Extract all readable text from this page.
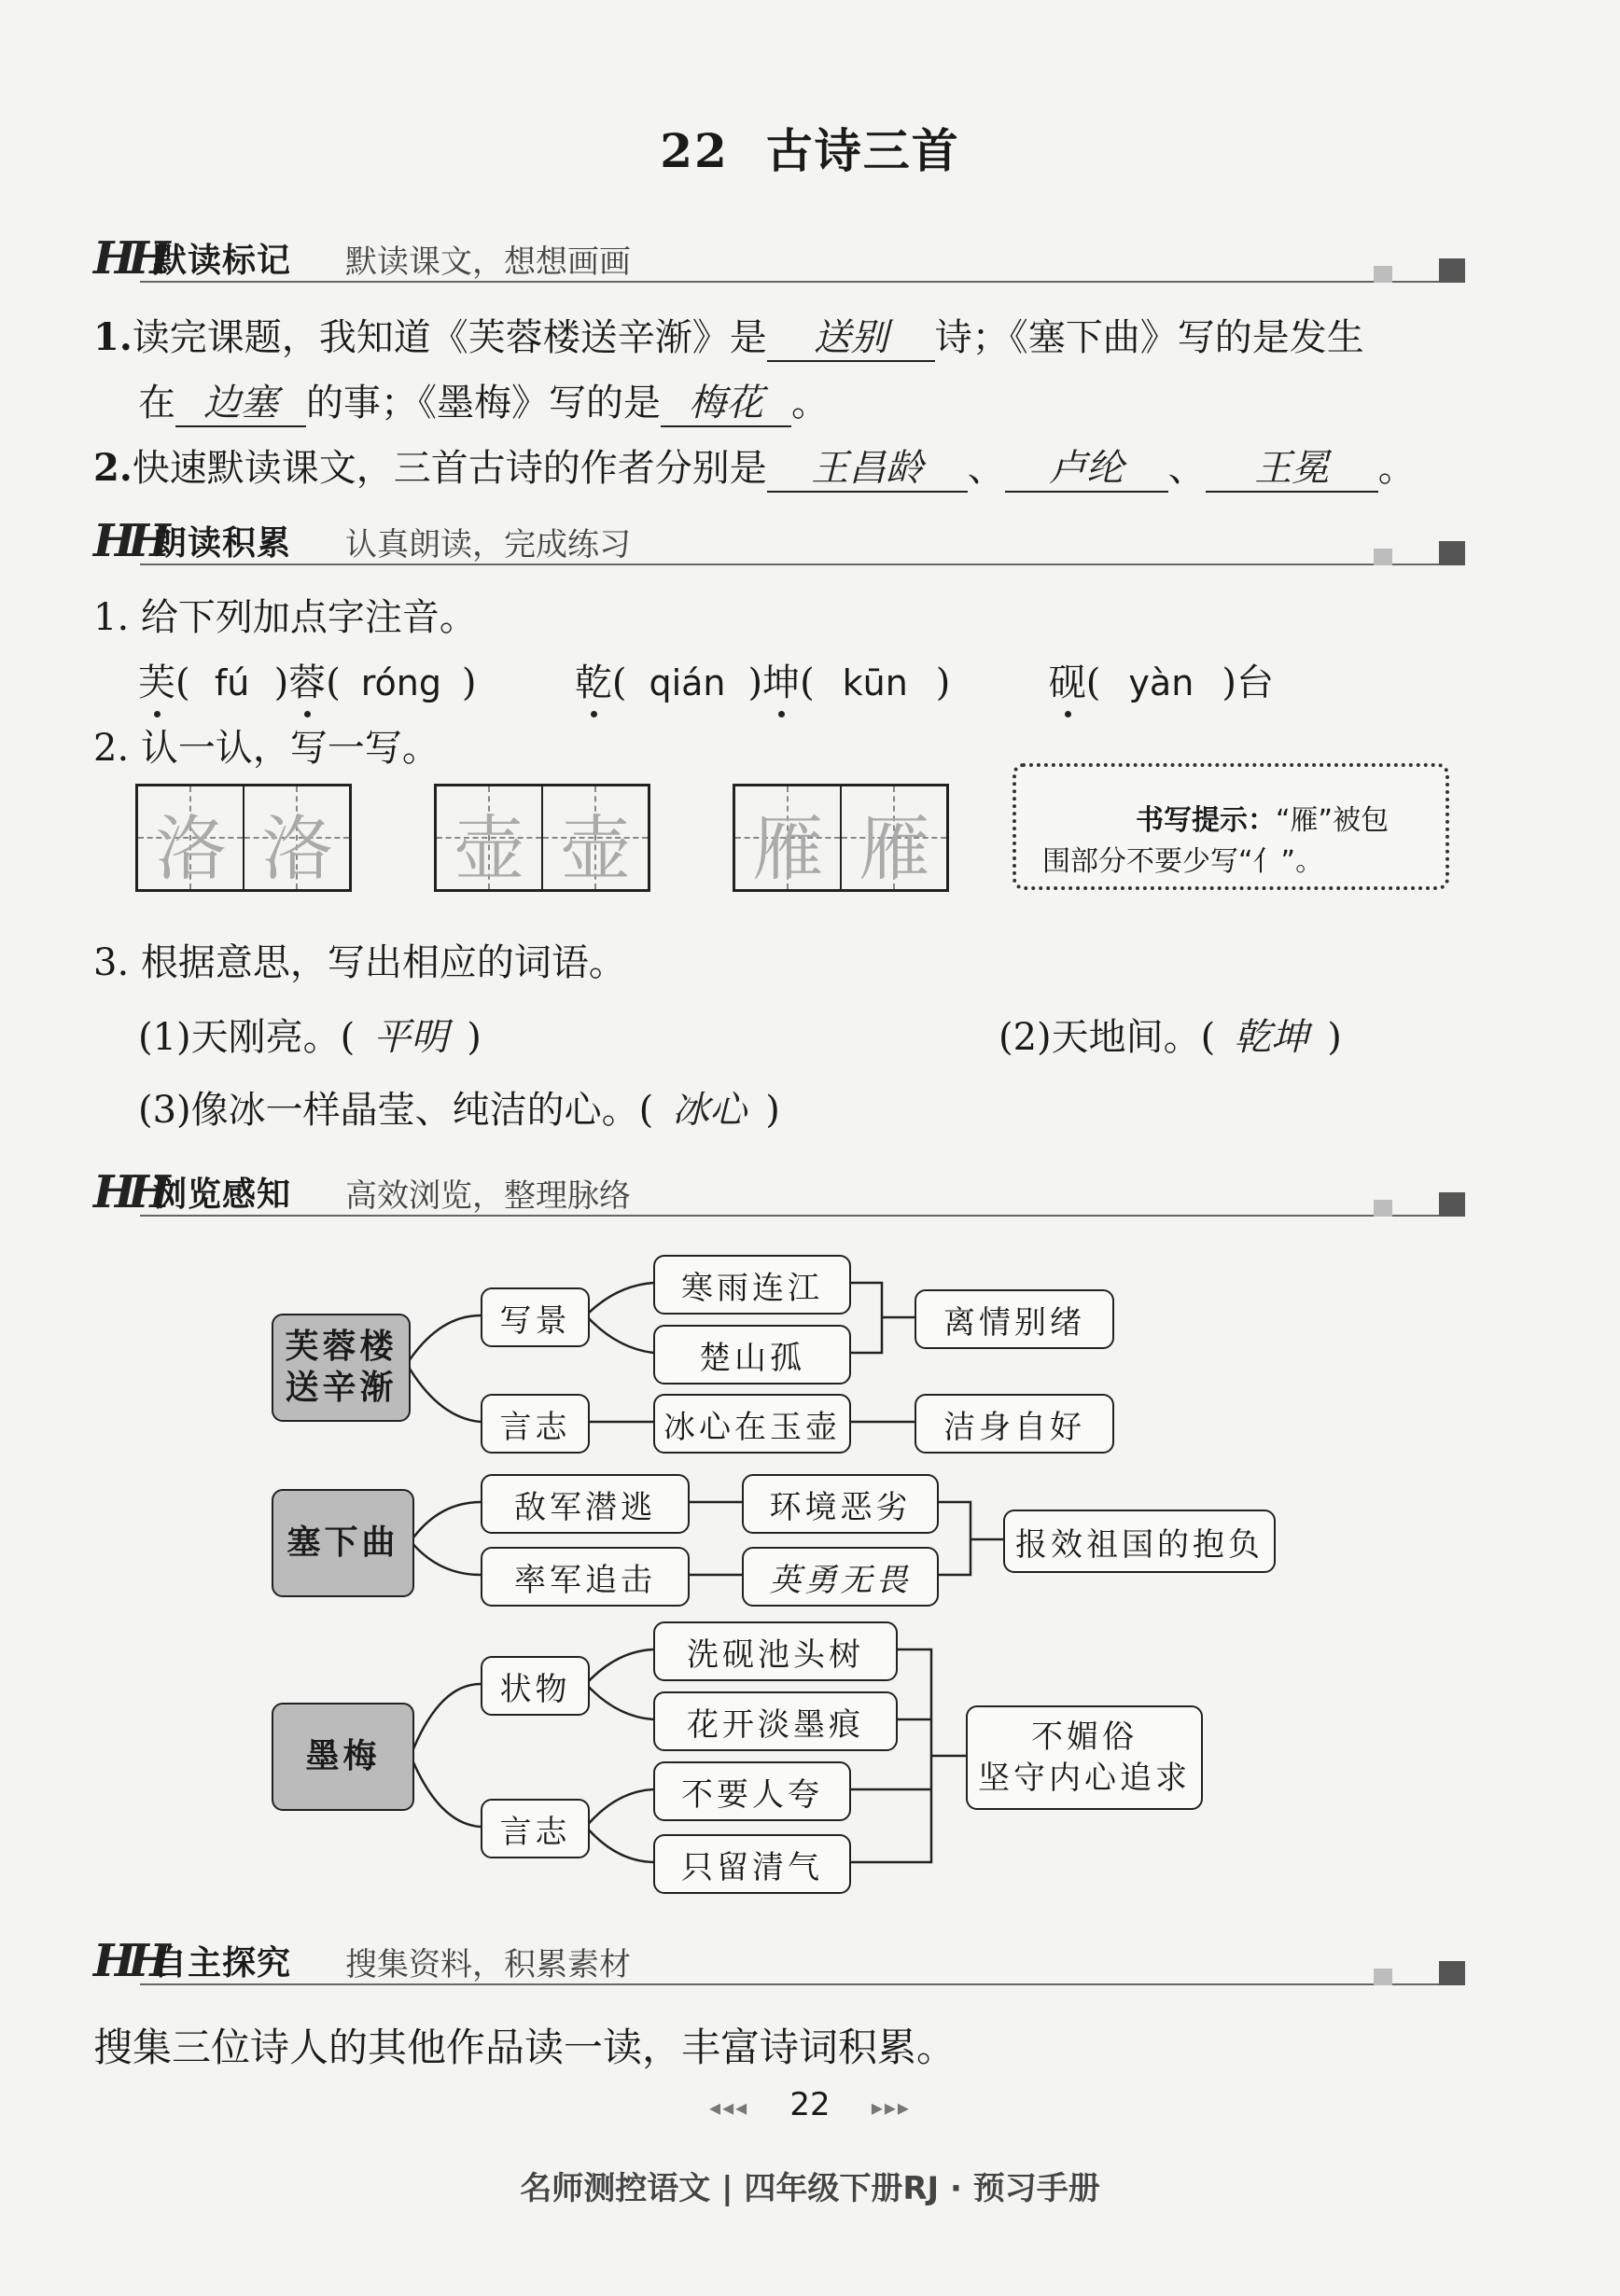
22 古诗三首
HH
默读标记 默读课文，想想画画
1.读完课题，我知道《芙蓉楼送辛渐》是 送别 诗；《塞下曲》写的是发生
在 边塞 的事；《墨梅》写的是 梅花 。
2.快速默读课文，三首古诗的作者分别是 王昌龄 、 卢纶 、 王冕 。
HH
朗读积累 认真朗读，完成练习
1. 给下列加点字注音。
芙( fú )蓉( róng )  乾( qián )坤( kūn )  砚( yàn )台
2. 认一认，写一写。
洛 洛 壶 壶 雁 雁	书写提示：“雁”被包
围部分不要少写“亻”。
3. 根据意思，写出相应的词语。
(1)天刚亮。( 平明 )	(2)天地间。( 乾坤 )
(3)像冰一样晶莹、纯洁的心。( 冰心 )
HH
浏览感知 高效浏览，整理脉络
芙蓉楼
送辛渐
写景
言志
寒雨连江
楚山孤
冰心在玉壶
离情别绪
洁身自好
塞下曲
敌军潜逃
率军追击
环境恶劣
英勇无畏
报效祖国的抱负
墨梅
状物
言志
洗砚池头树
花开淡墨痕
不要人夸
只留清气
不媚俗
坚守内心追求
HH
自主探究 搜集资料，积累素材
搜集三位诗人的其他作品读一读，丰富诗词积累。
◂◂◂ 22 ▸▸▸
名师测控语文 | 四年级下册RJ · 预习手册
